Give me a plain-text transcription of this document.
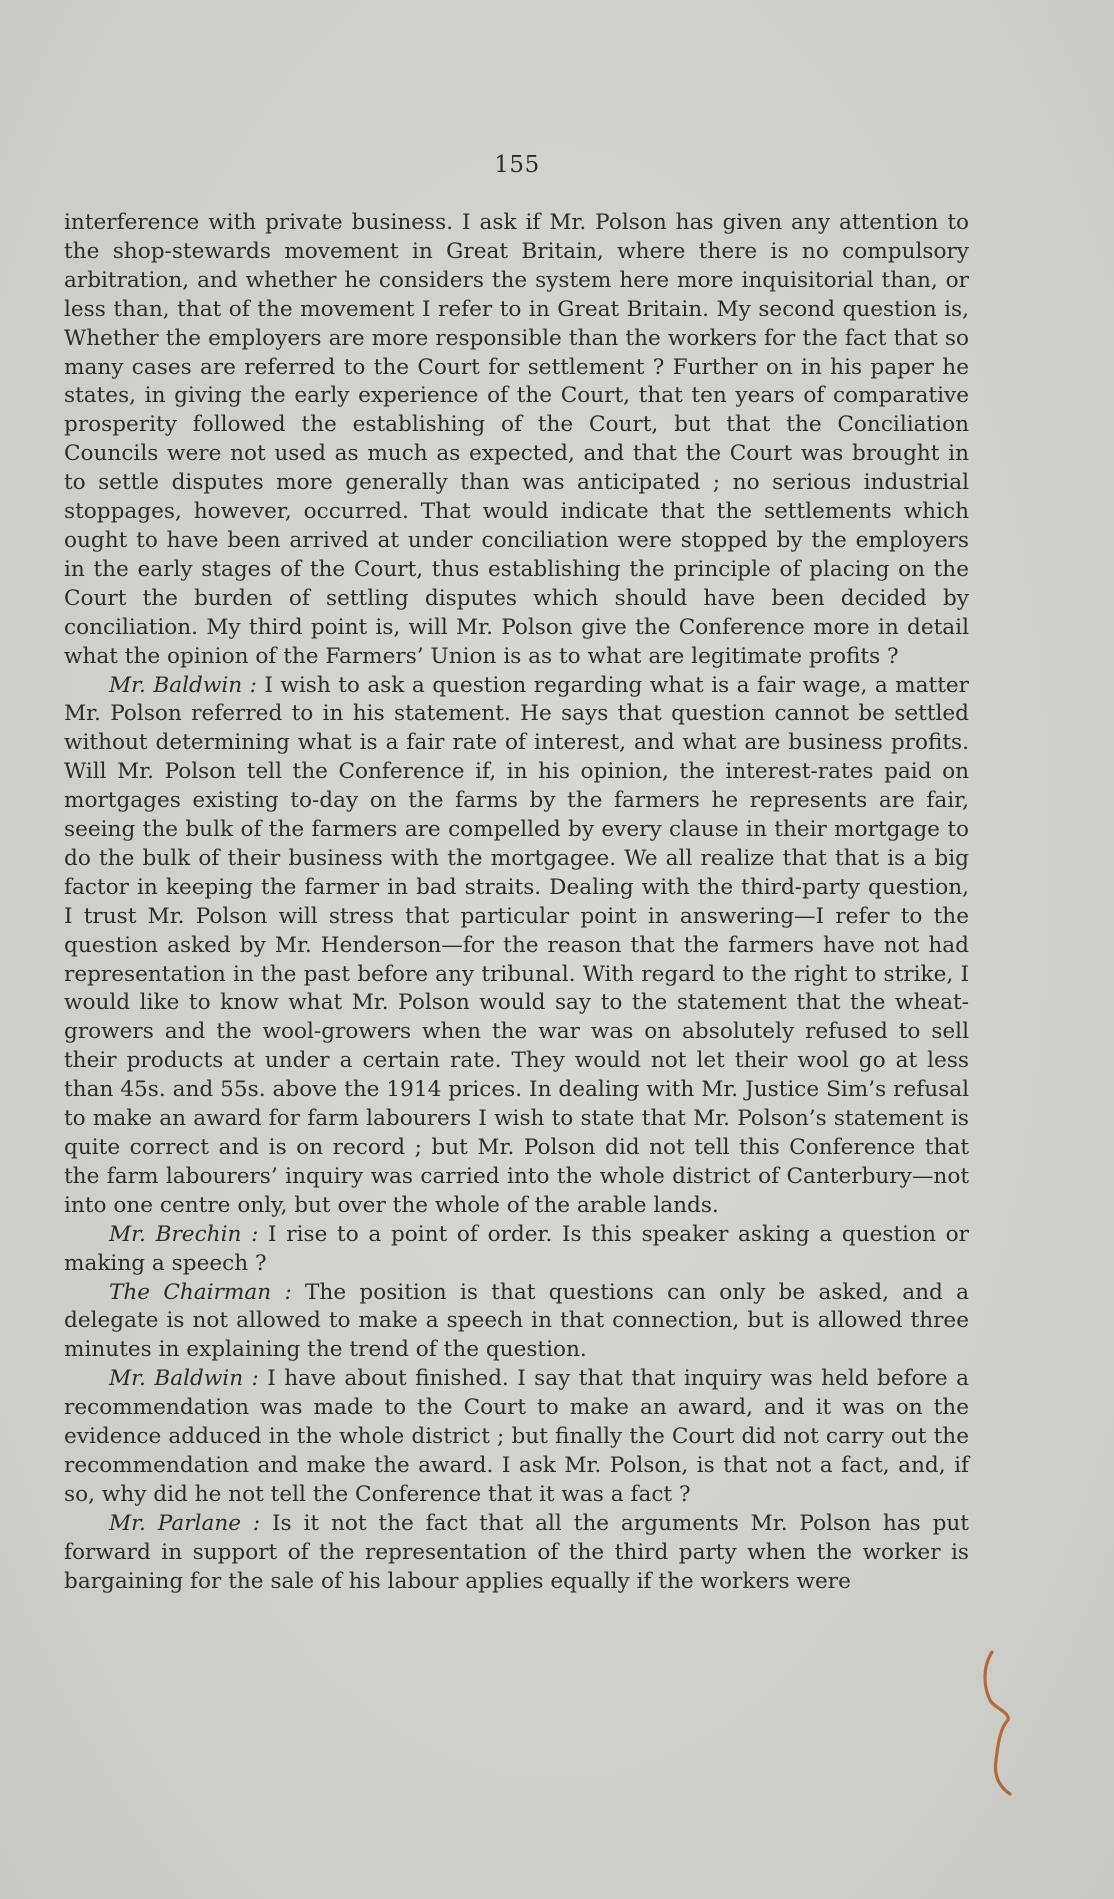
155

interference with private business. I ask if Mr. Polson has given any attention to the shop-stewards movement in Great Britain, where there is no compulsory arbitration, and whether he considers the system here more inquisitorial than, or less than, that of the movement I refer to in Great Britain. My second question is, Whether the employers are more responsible than the workers for the fact that so many cases are referred to the Court for settlement ? Further on in his paper he states, in giving the early experience of the Court, that ten years of comparative prosperity followed the establishing of the Court, but that the Conciliation Councils were not used as much as expected, and that the Court was brought in to settle disputes more generally than was anticipated ; no serious industrial stoppages, however, occurred. That would indicate that the settlements which ought to have been arrived at under conciliation were stopped by the employers in the early stages of the Court, thus establishing the principle of placing on the Court the burden of settling disputes which should have been decided by conciliation. My third point is, will Mr. Polson give the Conference more in detail what the opinion of the Farmers’ Union is as to what are legitimate profits ?

Mr. Baldwin : I wish to ask a question regarding what is a fair wage, a matter Mr. Polson referred to in his statement. He says that question cannot be settled without determining what is a fair rate of interest, and what are business profits. Will Mr. Polson tell the Conference if, in his opinion, the interest-rates paid on mortgages existing to-day on the farms by the farmers he represents are fair, seeing the bulk of the farmers are compelled by every clause in their mortgage to do the bulk of their business with the mortgagee. We all realize that that is a big factor in keeping the farmer in bad straits. Dealing with the third-party question, I trust Mr. Polson will stress that particular point in answering—I refer to the question asked by Mr. Henderson—for the reason that the farmers have not had representation in the past before any tribunal. With regard to the right to strike, I would like to know what Mr. Polson would say to the statement that the wheat-growers and the wool-growers when the war was on absolutely refused to sell their products at under a certain rate. They would not let their wool go at less than 45s. and 55s. above the 1914 prices. In dealing with Mr. Justice Sim’s refusal to make an award for farm labourers I wish to state that Mr. Polson’s statement is quite correct and is on record ; but Mr. Polson did not tell this Conference that the farm labourers’ inquiry was carried into the whole district of Canterbury—not into one centre only, but over the whole of the arable lands.

Mr. Brechin : I rise to a point of order. Is this speaker asking a question or making a speech ?

The Chairman : The position is that questions can only be asked, and a delegate is not allowed to make a speech in that connection, but is allowed three minutes in explaining the trend of the question.

Mr. Baldwin : I have about finished. I say that that inquiry was held before a recommendation was made to the Court to make an award, and it was on the evidence adduced in the whole district ; but finally the Court did not carry out the recommendation and make the award. I ask Mr. Polson, is that not a fact, and, if so, why did he not tell the Conference that it was a fact ?

Mr. Parlane : Is it not the fact that all the arguments Mr. Polson has put forward in support of the representation of the third party when the worker is bargaining for the sale of his labour applies equally if the workers were
